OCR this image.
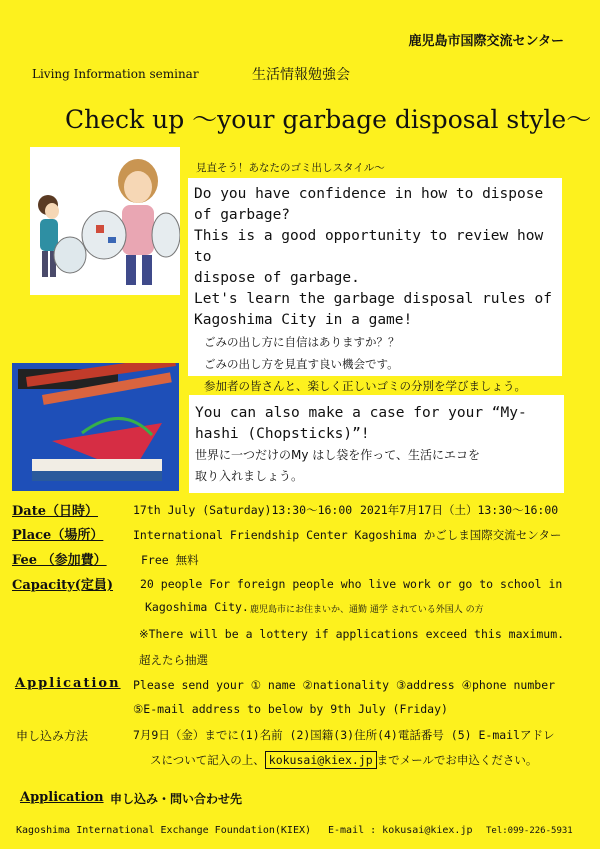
鹿児島市国際交流センター
Living Information seminar	生活情報勉強会
Check up 〜your garbage disposal style〜
見直そう！あなたのゴミ出しスタイル〜
Do you have confidence in how to dispose
of garbage?
This is a good opportunity to review how to
dispose of garbage.
Let's learn the garbage disposal rules of
Kagoshima City in a game!
ごみの出し方に自信はありますか？？
ごみの出し方を見直す良い機会です。
参加者の皆さんと、楽しく正しいゴミの分別を学びましょう。
You can also make a case for your “My-
hashi (Chopsticks)”!
世界に一つだけのMy はし袋を作って、生活にエコを
取り入れましょう。
Date（日時）	17th July (Saturday)13:30〜16:00 2021年7月17日（土）13:30〜16:00
Place（場所）	International Friendship Center Kagoshima かごしま国際交流センター
Fee （参加費）	Free 無料
Capacity(定員) 20 people For foreign people who live work or go to school in
Kagoshima City. 鹿児島市にお住まいか、通勤 通学 されている外国人 の方
※There will be a lottery if applications exceed this maximum.
超えたら抽選
Application Please send your ① name ②nationality ③address ④phone number
⑤E-mail address to below by 9th July (Friday)
申し込み方法	7月9日（金）までに(1)名前 (2)国籍(3)住所(4)電話番号 (5) E-mailアドレ
スについて記入の上、 kokusai@kiex.jp までメールでお申込ください。
Application 申し込み・問い合わせ先
Kagoshima International Exchange Foundation(KIEX) E-mail : kokusai@kiex.jp Tel:099-226-5931
